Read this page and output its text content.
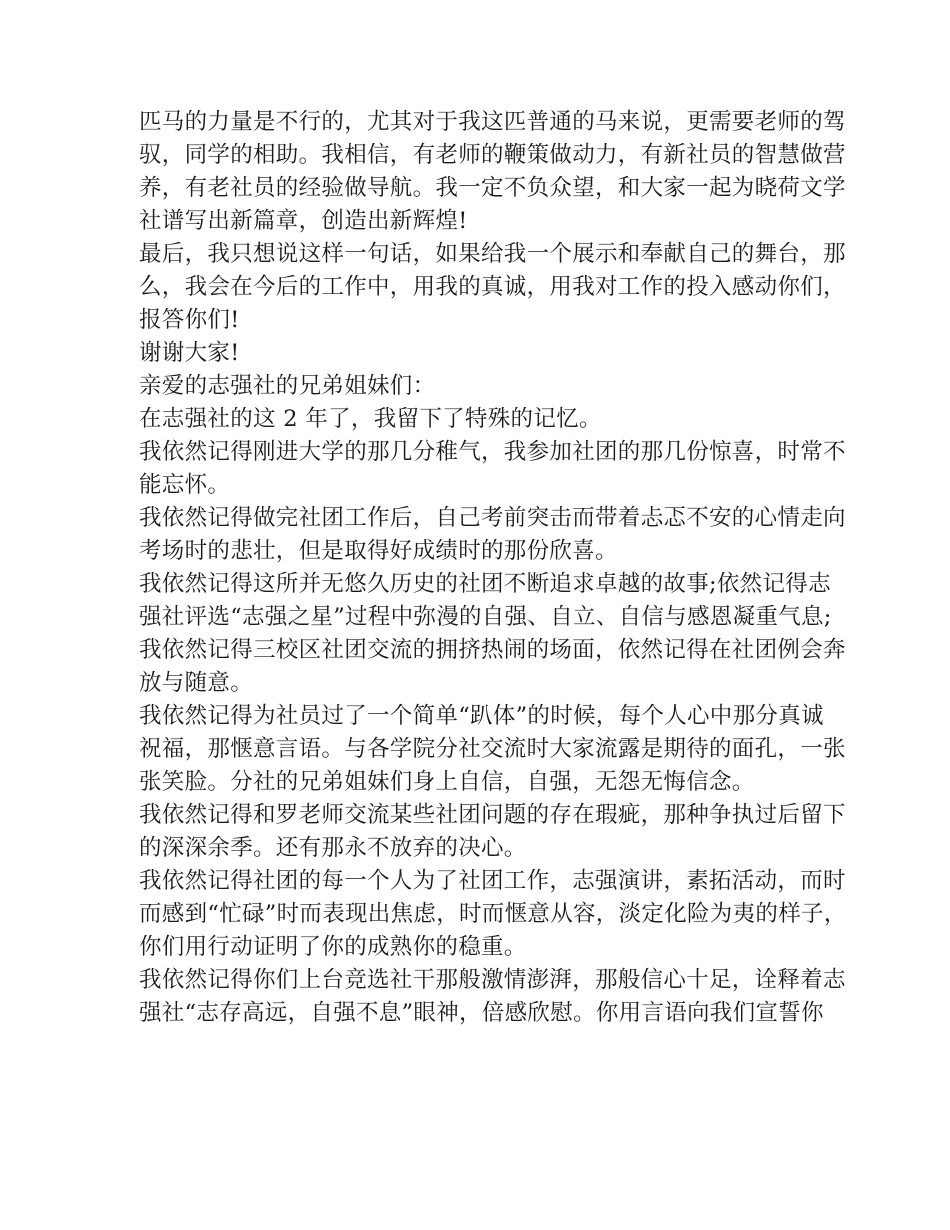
匹马的力量是不行的，尤其对于我这匹普通的马来说，更需要老师的驾
驭，同学的相助。我相信，有老师的鞭策做动力，有新社员的智慧做营
养，有老社员的经验做导航。我一定不负众望，和大家一起为晓荷文学
社谱写出新篇章，创造出新辉煌!
最后，我只想说这样一句话，如果给我一个展示和奉献自己的舞台，那
么，我会在今后的工作中，用我的真诚，用我对工作的投入感动你们，
报答你们!
谢谢大家!
亲爱的志强社的兄弟姐妹们：
在志强社的这 2 年了，我留下了特殊的记忆。
我依然记得刚进大学的那几分稚气，我参加社团的那几份惊喜，时常不
能忘怀。
我依然记得做完社团工作后，自己考前突击而带着忐忑不安的心情走向
考场时的悲壮，但是取得好成绩时的那份欣喜。
我依然记得这所并无悠久历史的社团不断追求卓越的故事;依然记得志
强社评选“志强之星”过程中弥漫的自强、自立、自信与感恩凝重气息;
我依然记得三校区社团交流的拥挤热闹的场面，依然记得在社团例会奔
放与随意。
我依然记得为社员过了一个简单“趴体”的时候，每个人心中那分真诚
祝福，那惬意言语。与各学院分社交流时大家流露是期待的面孔，一张
张笑脸。分社的兄弟姐妹们身上自信，自强，无怨无悔信念。
我依然记得和罗老师交流某些社团问题的存在瑕疵，那种争执过后留下
的深深余季。还有那永不放弃的决心。
我依然记得社团的每一个人为了社团工作，志强演讲，素拓活动，而时
而感到“忙碌”时而表现出焦虑，时而惬意从容，淡定化险为夷的样子，
你们用行动证明了你的成熟你的稳重。
我依然记得你们上台竞选社干那般激情澎湃，那般信心十足，诠释着志
强社“志存高远，自强不息”眼神，倍感欣慰。你用言语向我们宣誓你
